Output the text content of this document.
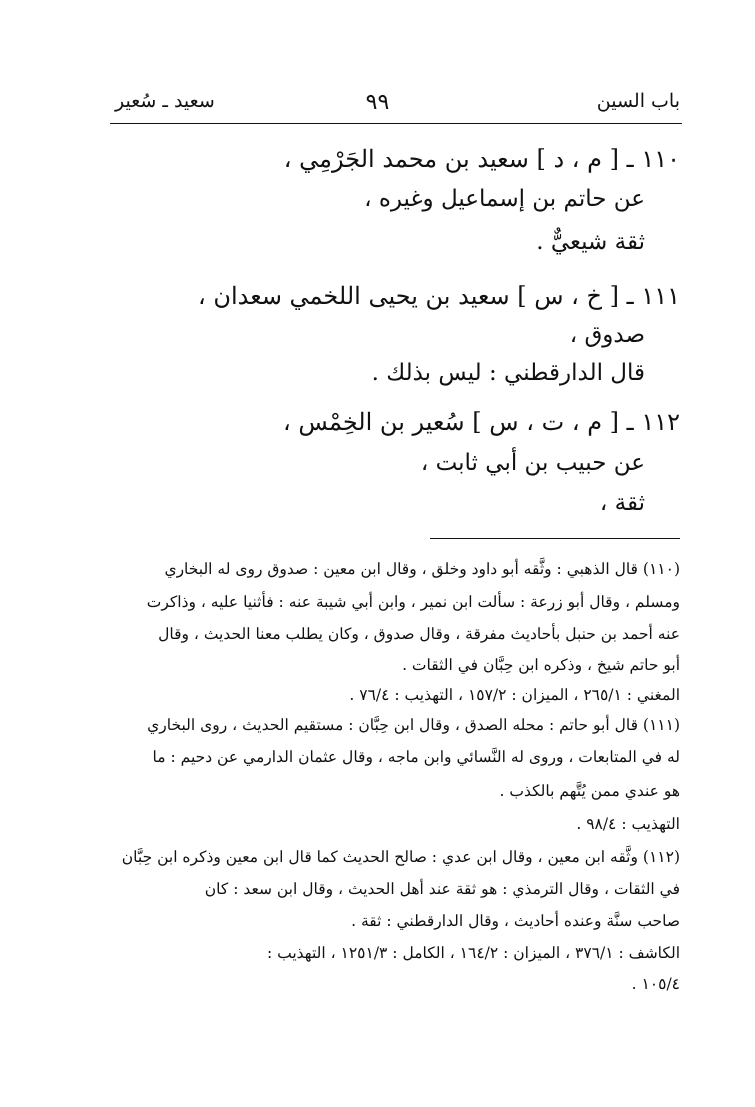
باب السين
٩٩
سعيد ـ سُعير
١١٠ ـ [ م ، د ] سعيد بن محمد الجَرْمِي ،
عن حاتم بن إسماعيل وغيره ،
ثقة شيعيٌّ .
١١١ ـ [ خ ، س ] سعيد بن يحيى اللخمي سعدان ،
صدوق ،
قال الدارقطني : ليس بذلك .
١١٢ ـ [ م ، ت ، س ] سُعير بن الخِمْس ،
عن حبيب بن أبي ثابت ،
ثقة ،
(١١٠) قال الذهبي : وثَّقه أبو داود وخلق ، وقال ابن معين : صدوق روى له البخاري
ومسلم ، وقال أبو زرعة : سألت ابن نمير ، وابن أبي شيبة عنه : فأثنيا عليه ، وذاكرت
عنه أحمد بن حنبل بأحاديث مفرقة ، وقال صدوق ، وكان يطلب معنا الحديث ، وقال
أبو حاتم شيخ ، وذكره ابن حِبَّان في الثقات .
المغني : ٢٦٥/١ ، الميزان : ١٥٧/٢ ، التهذيب : ٧٦/٤ .
(١١١) قال أبو حاتم : محله الصدق ، وقال ابن حِبَّان : مستقيم الحديث ، روى البخاري
له في المتابعات ، وروى له النَّسائي وابن ماجه ، وقال عثمان الدارمي عن دحيم : ما
هو عندي ممن يُتَّهم بالكذب .
التهذيب : ٩٨/٤ .
(١١٢) وثَّقه ابن معين ، وقال ابن عدي : صالح الحديث كما قال ابن معين وذكره ابن حِبَّان
في الثقات ، وقال الترمذي : هو ثقة عند أهل الحديث ، وقال ابن سعد : كان
صاحب سنَّة وعنده أحاديث ، وقال الدارقطني : ثقة .
الكاشف : ٣٧٦/١ ، الميزان : ١٦٤/٢ ، الكامل : ١٢٥١/٣ ، التهذيب :
١٠٥/٤ .
